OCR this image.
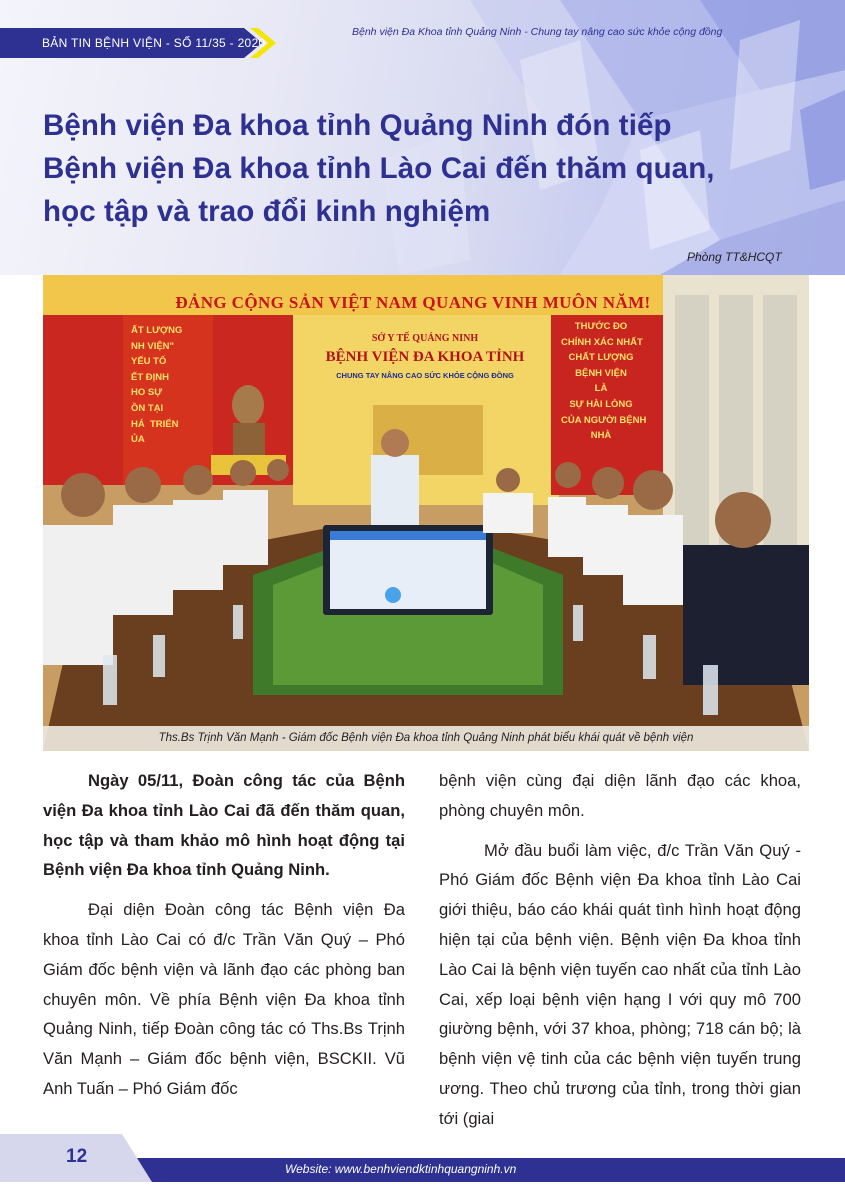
BẢN TIN BỆNH VIỆN - SỐ 11/35 - 2020
Bệnh viện Đa Khoa tỉnh Quảng Ninh - Chung tay nâng cao sức khỏe cộng đồng
Bệnh viện Đa khoa tỉnh Quảng Ninh đón tiếp
Bệnh viện Đa khoa tỉnh Lào Cai đến thăm quan,
học tập và trao đổi kinh nghiệm
Phòng TT&HCQT
ĐẢNG CỘNG SẢN VIỆT NAM QUANG VINH MUÔN NĂM!
SỞ Y TẾ QUẢNG NINH
BỆNH VIỆN ĐA KHOA TỈNH
CHUNG TAY NÂNG CAO SỨC KHỎE CỘNG ĐỒNG
ẤT LƯỢNG
NH VIỆN"
YẾU TỐ
ẾT ĐỊNH
HO SỰ
ỒN TẠI
HÁ  TRIỂN
ỦA
THƯỚC ĐO
CHÍNH XÁC NHẤT
CHẤT LƯỢNG
BỆNH VIỆN
LÀ
SỰ HÀI LÒNG
CỦA NGƯỜI BỆNH
NHÀ
Ths.Bs Trịnh Văn Mạnh - Giám đốc Bệnh viện Đa khoa tỉnh Quảng Ninh phát biểu khái quát về bệnh viện

Ngày 05/11, Đoàn công tác của Bệnh viện Đa khoa tỉnh Lào Cai đã đến thăm quan, học tập và tham khảo mô hình hoạt động tại Bệnh viện Đa khoa tỉnh Quảng Ninh.

Đại diện Đoàn công tác Bệnh viện Đa khoa tỉnh Lào Cai có đ/c Trần Văn Quý – Phó Giám đốc bệnh viện và lãnh đạo các phòng ban chuyên môn. Về phía Bệnh viện Đa khoa tỉnh Quảng Ninh, tiếp Đoàn công tác có Ths.Bs Trịnh Văn Mạnh – Giám đốc bệnh viện, BSCKII. Vũ Anh Tuấn – Phó Giám đốc

bệnh viện cùng đại diện lãnh đạo các khoa, phòng chuyên môn.

Mở đầu buổi làm việc, đ/c Trần Văn Quý - Phó Giám đốc Bệnh viện Đa khoa tỉnh Lào Cai giới thiệu, báo cáo khái quát tình hình hoạt động hiện tại của bệnh viện. Bệnh viện Đa khoa tỉnh Lào Cai là bệnh viện tuyến cao nhất của tỉnh Lào Cai, xếp loại bệnh viện hạng I với quy mô 700 giường bệnh, với 37 khoa, phòng; 718 cán bộ; là bệnh viện vệ tinh của các bệnh viện tuyến trung ương. Theo chủ trương của tỉnh, trong thời gian tới (giai

12
Website: www.benhviendktinhquangninh.vn
